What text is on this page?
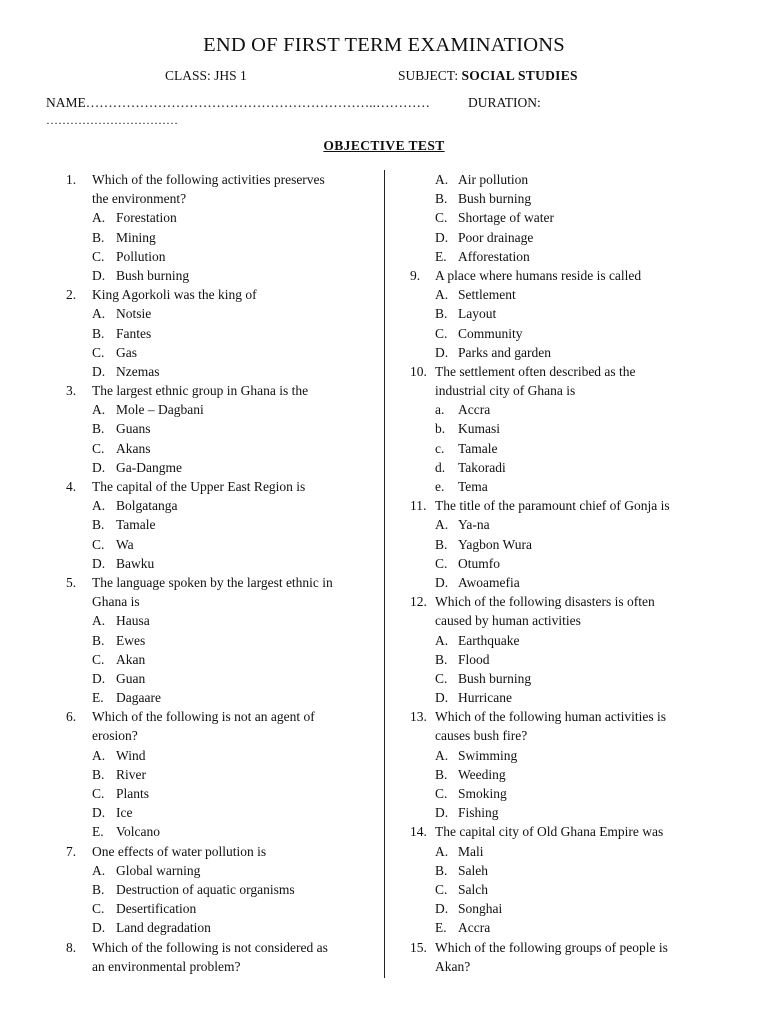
END OF FIRST TERM EXAMINATIONS
CLASS: JHS 1	SUBJECT: SOCIAL STUDIES
NAME………………………………………………………..…………	DURATION:
……………………………
OBJECTIVE TEST
1. Which of the following activities preserves
the environment?
A. Forestation
B. Mining
C. Pollution
D. Bush burning
2. King Agorkoli was the king of
A. Notsie
B. Fantes
C. Gas
D. Nzemas
3. The largest ethnic group in Ghana is the
A. Mole – Dagbani
B. Guans
C. Akans
D. Ga-Dangme
4. The capital of the Upper East Region is
A. Bolgatanga
B. Tamale
C. Wa
D. Bawku
5. The language spoken by the largest ethnic in
Ghana is
A. Hausa
B. Ewes
C. Akan
D. Guan
E. Dagaare
6. Which of the following is not an agent of
erosion?
A. Wind
B. River
C. Plants
D. Ice
E. Volcano
7. One effects of water pollution is
A. Global warning
B. Destruction of aquatic organisms
C. Desertification
D. Land degradation
8. Which of the following is not considered as
an environmental problem?
A. Air pollution
B. Bush burning
C. Shortage of water
D. Poor drainage
E. Afforestation
9. A place where humans reside is called
A. Settlement
B. Layout
C. Community
D. Parks and garden
10. The settlement often described as the
industrial city of Ghana is
a. Accra
b. Kumasi
c. Tamale
d. Takoradi
e. Tema
11. The title of the paramount chief of Gonja is
A. Ya-na
B. Yagbon Wura
C. Otumfo
D. Awoamefia
12. Which of the following disasters is often
caused by human activities
A. Earthquake
B. Flood
C. Bush burning
D. Hurricane
13. Which of the following human activities is
causes bush fire?
A. Swimming
B. Weeding
C. Smoking
D. Fishing
14. The capital city of Old Ghana Empire was
A. Mali
B. Saleh
C. Salch
D. Songhai
E. Accra
15. Which of the following groups of people is
Akan?
